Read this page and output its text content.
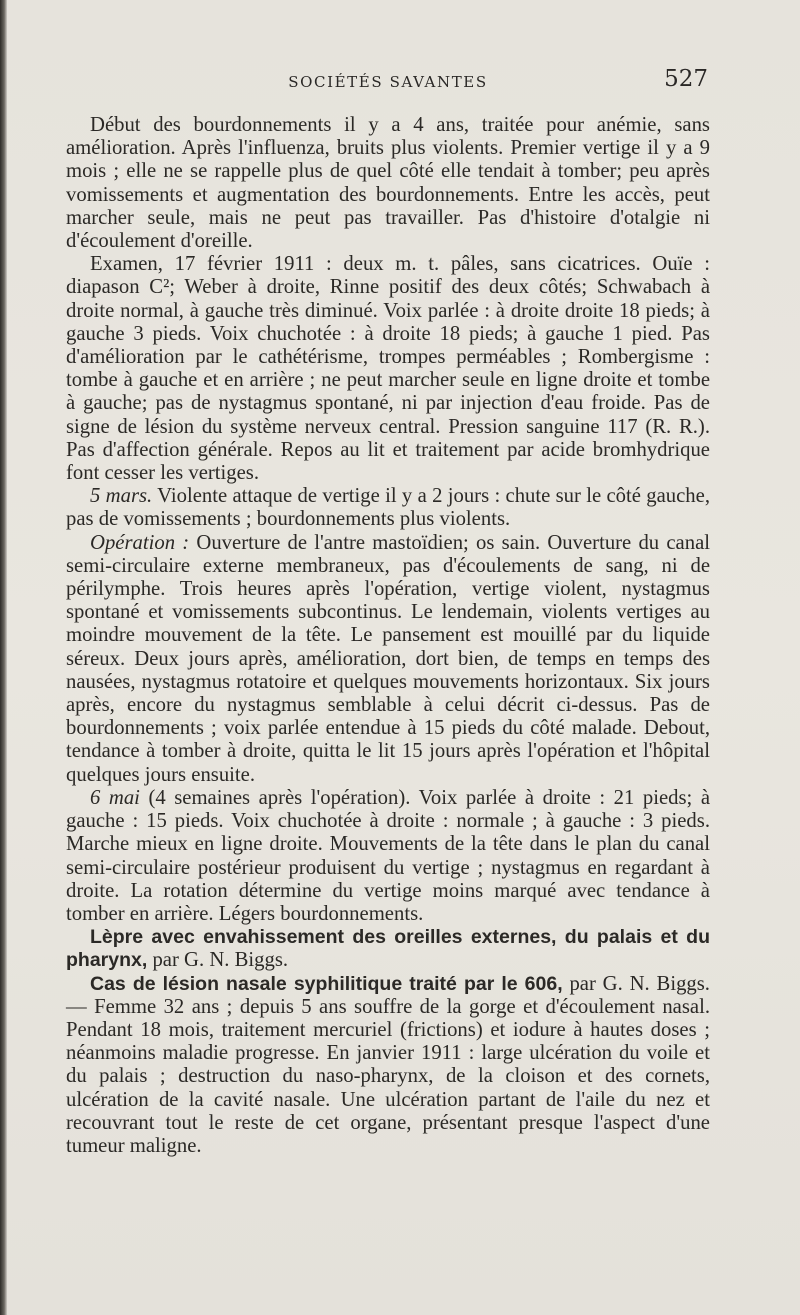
SOCIÉTÉS SAVANTES	527

Début des bourdonnements il y a 4 ans, traitée pour anémie, sans amélioration. Après l'influenza, bruits plus violents. Premier vertige il y a 9 mois ; elle ne se rappelle plus de quel côté elle tendait à tomber; peu après vomissements et augmentation des bourdonnements. Entre les accès, peut marcher seule, mais ne peut pas travailler. Pas d'histoire d'otalgie ni d'écoulement d'oreille.

Examen, 17 février 1911 : deux m. t. pâles, sans cicatrices. Ouïe : diapason C²; Weber à droite, Rinne positif des deux côtés; Schwabach à droite normal, à gauche très diminué. Voix parlée : à droite droite 18 pieds; à gauche 3 pieds. Voix chuchotée : à droite 18 pieds; à gauche 1 pied. Pas d'amélioration par le cathétérisme, trompes perméables ; Rombergisme : tombe à gauche et en arrière ; ne peut marcher seule en ligne droite et tombe à gauche; pas de nystagmus spontané, ni par injection d'eau froide. Pas de signe de lésion du système nerveux central. Pression sanguine 117 (R. R.). Pas d'affection générale. Repos au lit et traitement par acide bromhydrique font cesser les vertiges.

5 mars. Violente attaque de vertige il y a 2 jours : chute sur le côté gauche, pas de vomissements ; bourdonnements plus violents.

Opération : Ouverture de l'antre mastoïdien; os sain. Ouverture du canal semi-circulaire externe membraneux, pas d'écoulements de sang, ni de périlymphe. Trois heures après l'opération, vertige violent, nystagmus spontané et vomissements subcontinus. Le lendemain, violents vertiges au moindre mouvement de la tête. Le pansement est mouillé par du liquide séreux. Deux jours après, amélioration, dort bien, de temps en temps des nausées, nystagmus rotatoire et quelques mouvements horizontaux. Six jours après, encore du nystagmus semblable à celui décrit ci-dessus. Pas de bourdonnements ; voix parlée entendue à 15 pieds du côté malade. Debout, tendance à tomber à droite, quitta le lit 15 jours après l'opération et l'hôpital quelques jours ensuite.

6 mai (4 semaines après l'opération). Voix parlée à droite : 21 pieds; à gauche : 15 pieds. Voix chuchotée à droite : normale ; à gauche : 3 pieds. Marche mieux en ligne droite. Mouvements de la tête dans le plan du canal semi-circulaire postérieur produisent du vertige ; nystagmus en regardant à droite. La rotation détermine du vertige moins marqué avec tendance à tomber en arrière. Légers bourdonnements.

Lèpre avec envahissement des oreilles externes, du palais et du pharynx, par G. N. Biggs.

Cas de lésion nasale syphilitique traité par le 606, par G. N. Biggs. — Femme 32 ans ; depuis 5 ans souffre de la gorge et d'écoulement nasal. Pendant 18 mois, traitement mercuriel (frictions) et iodure à hautes doses ; néanmoins maladie progresse. En janvier 1911 : large ulcération du voile et du palais ; destruction du naso-pharynx, de la cloison et des cornets, ulcération de la cavité nasale. Une ulcération partant de l'aile du nez et recouvrant tout le reste de cet organe, présentant presque l'aspect d'une tumeur maligne.
